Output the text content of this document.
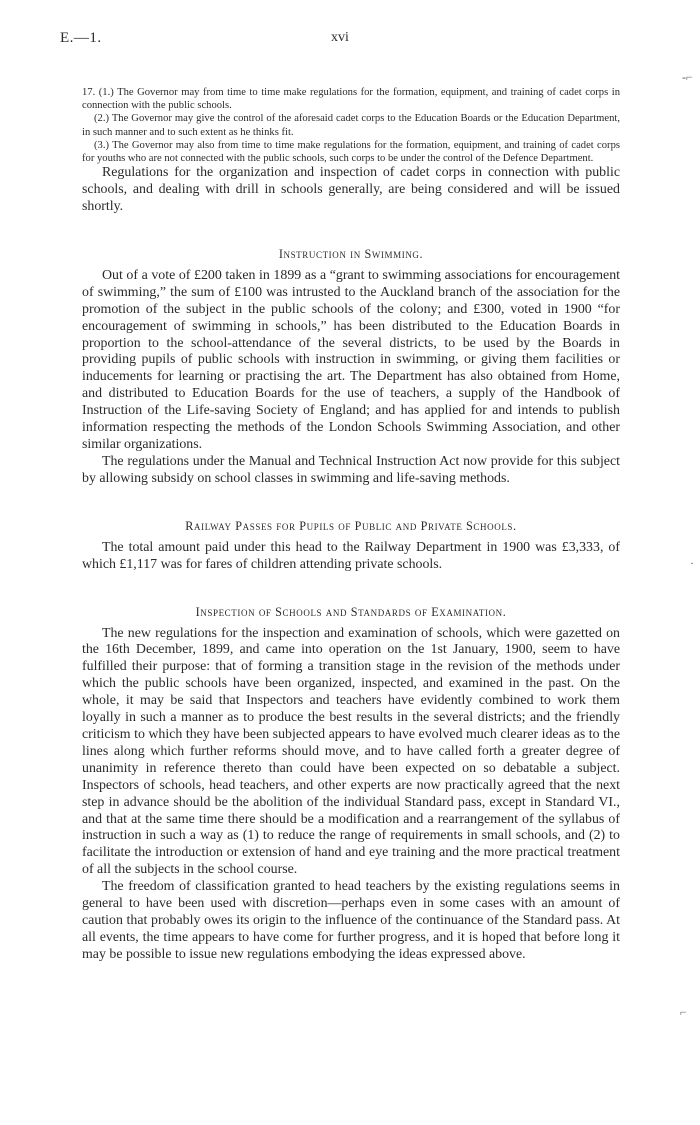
E.—1.	xvi
-⌐
·
⌐

17. (1.) The Governor may from time to time make regulations for the formation, equipment, and training of cadet corps in connection with the public schools.

(2.) The Governor may give the control of the aforesaid cadet corps to the Education Boards or the Education Department, in such manner and to such extent as he thinks fit.

(3.) The Governor may also from time to time make regulations for the formation, equipment, and training of cadet corps for youths who are not connected with the public schools, such corps to be under the control of the Defence Department.

Regulations for the organization and inspection of cadet corps in connection with public schools, and dealing with drill in schools generally, are being considered and will be issued shortly.

Instruction in Swimming.

Out of a vote of £200 taken in 1899 as a “grant to swimming associations for encouragement of swimming,” the sum of £100 was intrusted to the Auckland branch of the association for the promotion of the subject in the public schools of the colony; and £300, voted in 1900 “for encouragement of swimming in schools,” has been distributed to the Education Boards in proportion to the school-attendance of the several districts, to be used by the Boards in providing pupils of public schools with instruction in swimming, or giving them facilities or inducements for learning or practising the art. The Department has also obtained from Home, and distributed to Education Boards for the use of teachers, a supply of the Handbook of Instruction of the Life-saving Society of England; and has applied for and intends to publish information respecting the methods of the London Schools Swimming Association, and other similar organizations.

The regulations under the Manual and Technical Instruction Act now provide for this subject by allowing subsidy on school classes in swimming and life-saving methods.

Railway Passes for Pupils of Public and Private Schools.

The total amount paid under this head to the Railway Department in 1900 was £3,333, of which £1,117 was for fares of children attending private schools.

Inspection of Schools and Standards of Examination.

The new regulations for the inspection and examination of schools, which were gazetted on the 16th December, 1899, and came into operation on the 1st January, 1900, seem to have fulfilled their purpose: that of forming a transition stage in the revision of the methods under which the public schools have been organized, inspected, and examined in the past. On the whole, it may be said that Inspectors and teachers have evidently combined to work them loyally in such a manner as to produce the best results in the several districts; and the friendly criticism to which they have been subjected appears to have evolved much clearer ideas as to the lines along which further reforms should move, and to have called forth a greater degree of unanimity in reference thereto than could have been expected on so debatable a subject. Inspectors of schools, head teachers, and other experts are now practically agreed that the next step in advance should be the abolition of the individual Standard pass, except in Standard VI., and that at the same time there should be a modification and a rearrangement of the syllabus of instruction in such a way as (1) to reduce the range of requirements in small schools, and (2) to facilitate the introduction or extension of hand and eye training and the more practical treatment of all the subjects in the school course.

The freedom of classification granted to head teachers by the existing regulations seems in general to have been used with discretion—perhaps even in some cases with an amount of caution that probably owes its origin to the influence of the continuance of the Standard pass. At all events, the time appears to have come for further progress, and it is hoped that before long it may be possible to issue new regulations embodying the ideas expressed above.
